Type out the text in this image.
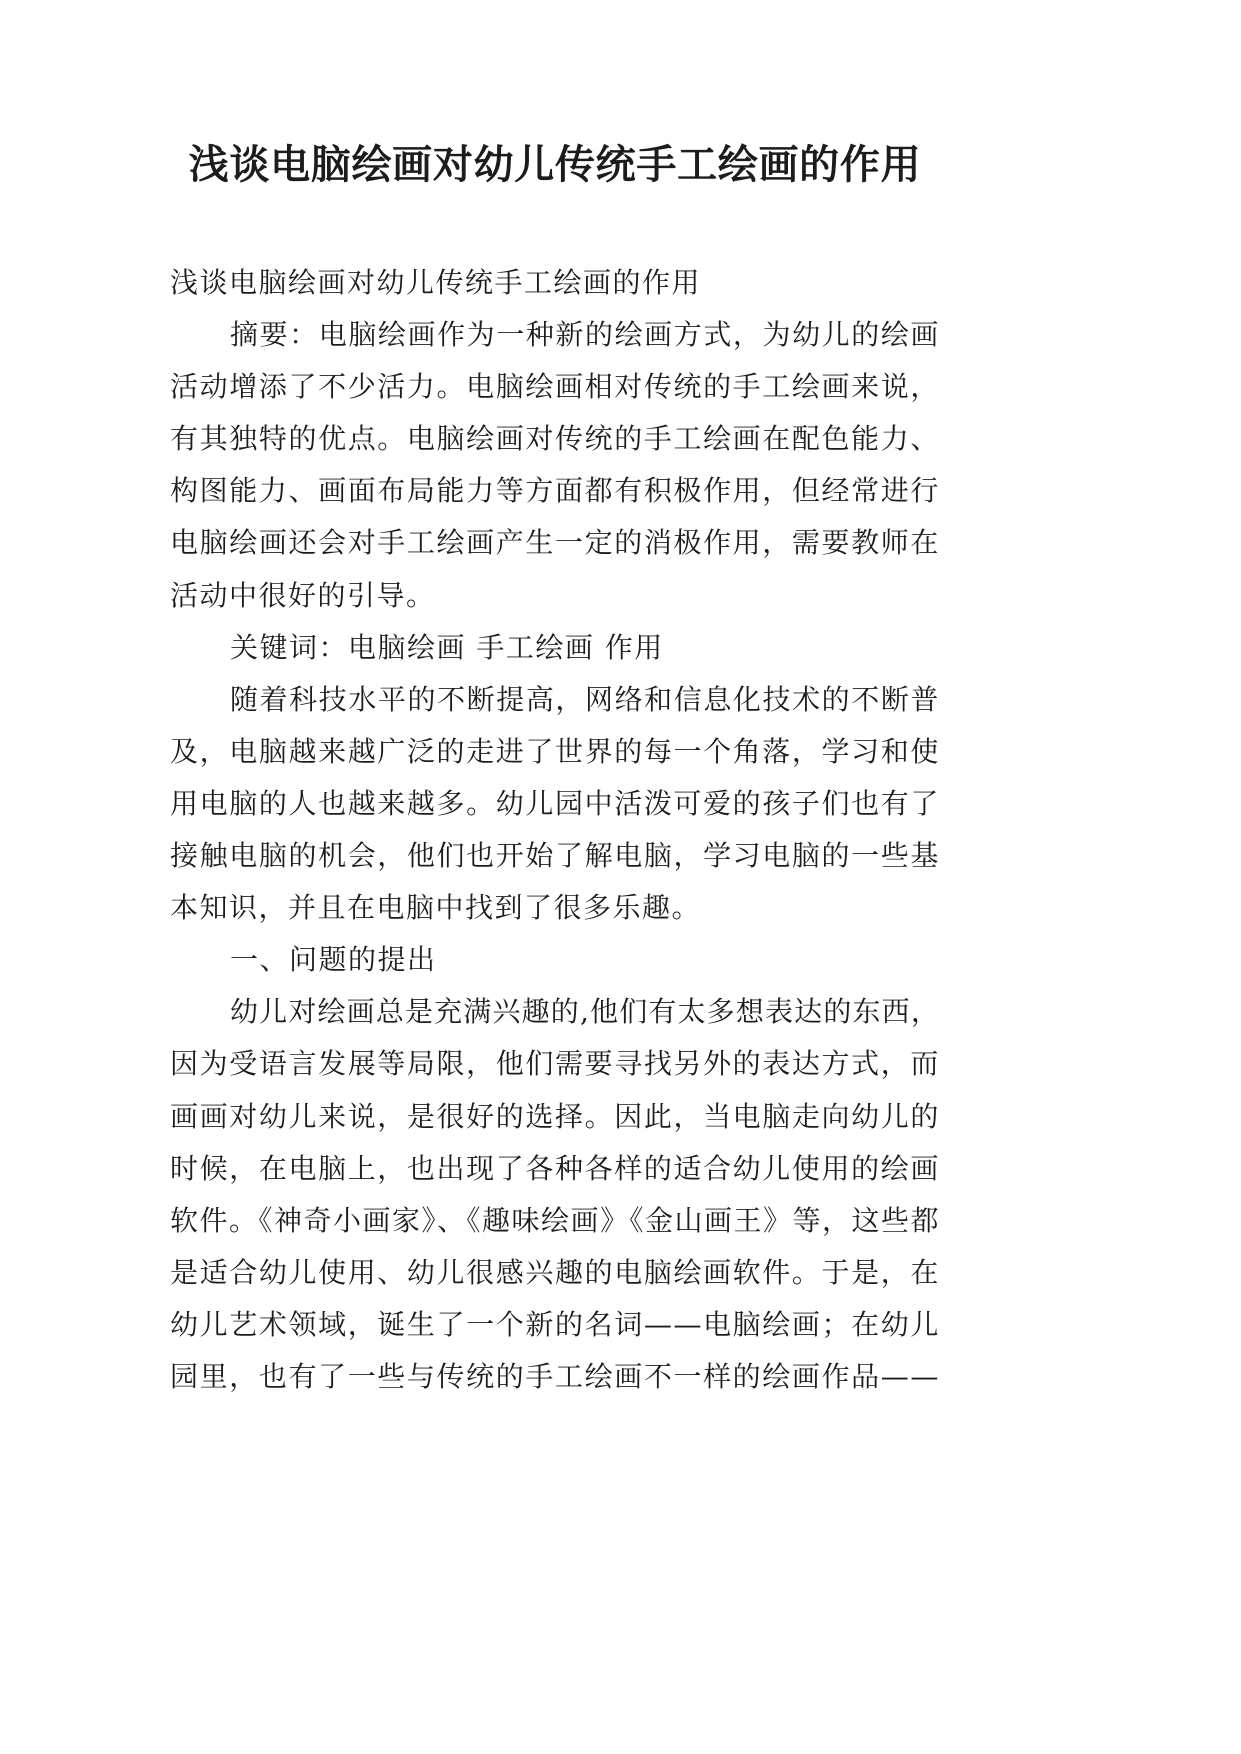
浅谈电脑绘画对幼儿传统手工绘画的作用
浅谈电脑绘画对幼儿传统手工绘画的作用
摘要：电脑绘画作为一种新的绘画方式，为幼儿的绘画
活动增添了不少活力。电脑绘画相对传统的手工绘画来说，
有其独特的优点。电脑绘画对传统的手工绘画在配色能力、
构图能力、画面布局能力等方面都有积极作用，但经常进行
电脑绘画还会对手工绘画产生一定的消极作用，需要教师在
活动中很好的引导。
关键词：电脑绘画 手工绘画 作用
随着科技水平的不断提高，网络和信息化技术的不断普
及，电脑越来越广泛的走进了世界的每一个角落，学习和使
用电脑的人也越来越多。幼儿园中活泼可爱的孩子们也有了
接触电脑的机会，他们也开始了解电脑，学习电脑的一些基
本知识，并且在电脑中找到了很多乐趣。
一、问题的提出
幼儿对绘画总是充满兴趣的,他们有太多想表达的东西，
因为受语言发展等局限，他们需要寻找另外的表达方式，而
画画对幼儿来说，是很好的选择。因此，当电脑走向幼儿的
时候，在电脑上，也出现了各种各样的适合幼儿使用的绘画
软件。《神奇小画家》、《趣味绘画》《金山画王》等，这些都
是适合幼儿使用、幼儿很感兴趣的电脑绘画软件。于是，在
幼儿艺术领域，诞生了一个新的名词——电脑绘画；在幼儿
园里，也有了一些与传统的手工绘画不一样的绘画作品——
